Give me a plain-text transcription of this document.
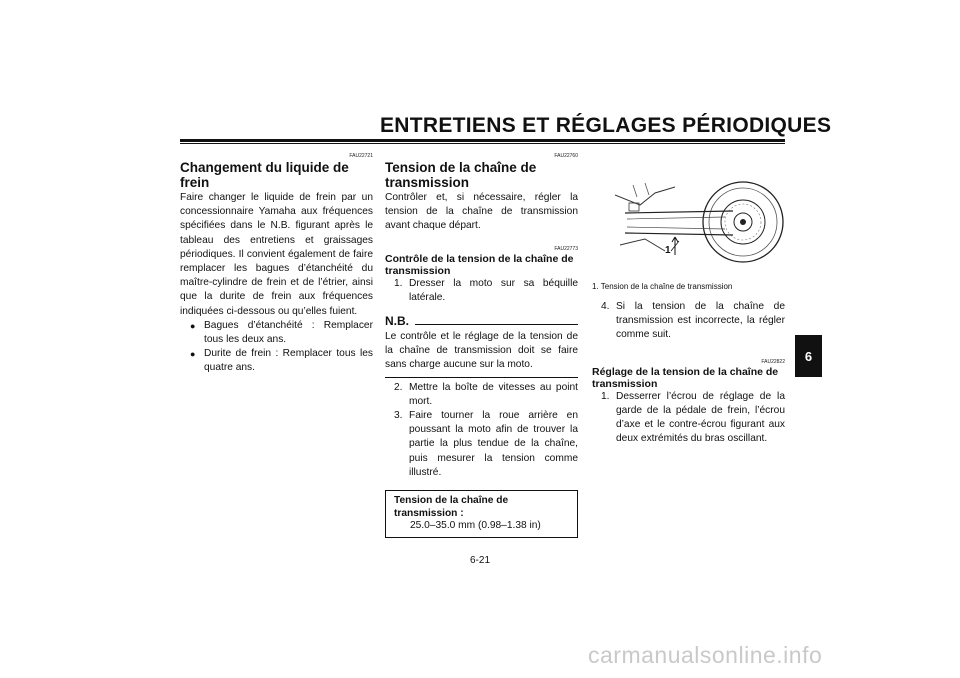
ENTRETIENS ET RÉGLAGES PÉRIODIQUES
FAU22721
Changement du liquide de frein
Faire changer le liquide de frein par un concessionnaire Yamaha aux fréquences spécifiées dans le N.B. figurant après le tableau des entretiens et graissages périodiques. Il convient également de faire remplacer les bagues d’étanchéité du maître-cylindre de frein et de l’étrier, ainsi que la durite de frein aux fréquences indiquées ci-dessous ou qu’elles fuient.
● Bagues d’étanchéité : Remplacer tous les deux ans.
● Durite de frein : Remplacer tous les quatre ans.
FAU22760
Tension de la chaîne de transmission
Contrôler et, si nécessaire, régler la tension de la chaîne de transmission avant chaque départ.
FAU22773
Contrôle de la tension de la chaîne de transmission
1. Dresser la moto sur sa béquille latérale.
N.B.
Le contrôle et le réglage de la tension de la chaîne de transmission doit se faire sans charge aucune sur la moto.
2. Mettre la boîte de vitesses au point mort.
3. Faire tourner la roue arrière en poussant la moto afin de trouver la partie la plus tendue de la chaîne, puis mesurer la tension comme illustré.
Tension de la chaîne de transmission :
25.0–35.0 mm (0.98–1.38 in)
1
1. Tension de la chaîne de transmission
4. Si la tension de la chaîne de transmission est incorrecte, la régler comme suit.
FAU22822
Réglage de la tension de la chaîne de transmission
1. Desserrer l’écrou de réglage de la garde de la pédale de frein, l’écrou d’axe et le contre-écrou figurant aux deux extrémités du bras oscillant.
6
6-21
carmanualsonline.info
